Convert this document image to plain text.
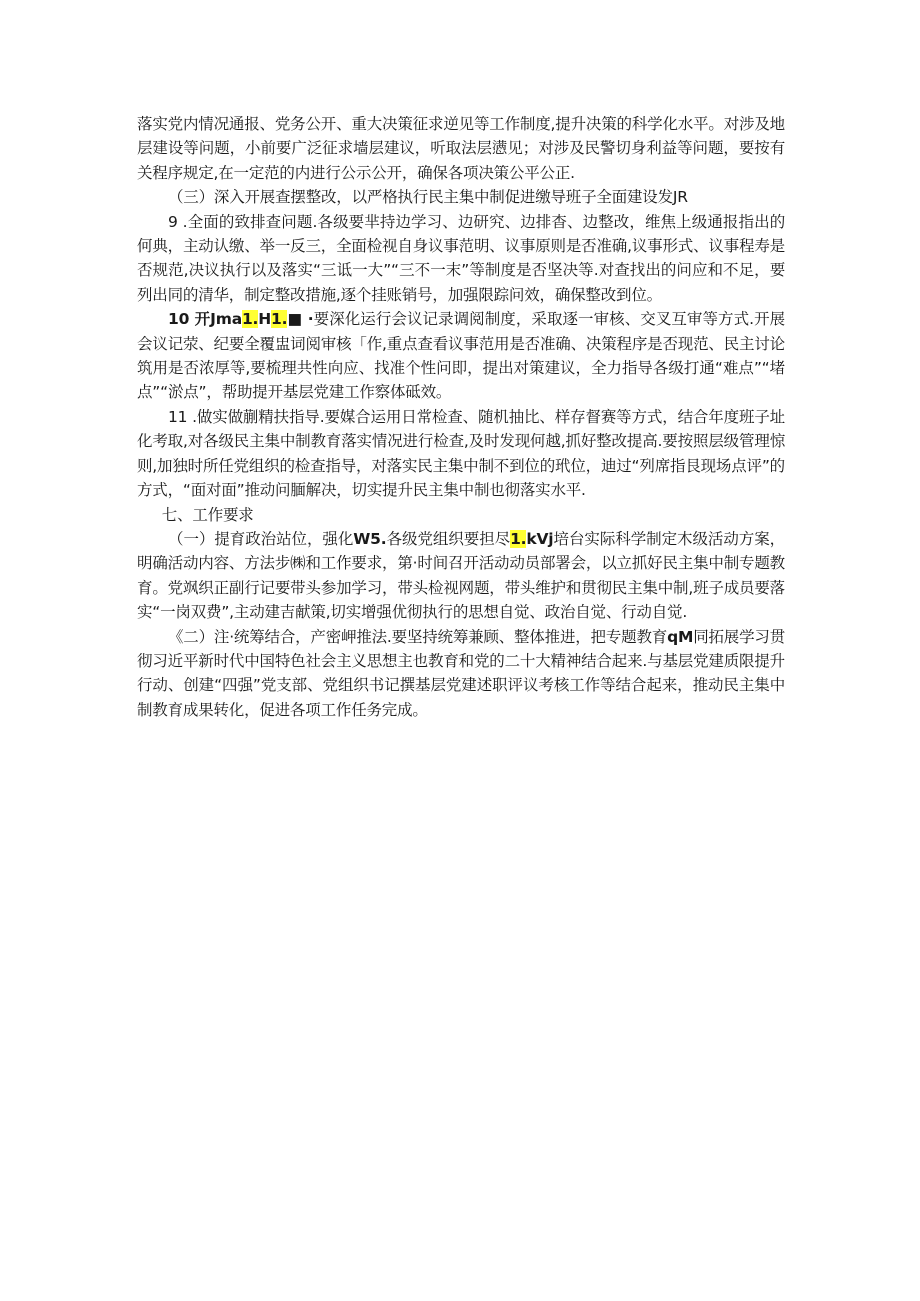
落实党内情况通报、党务公开、重大决策征求逆见等工作制度,提升决策的科学化水平。对涉及地层建设等问题，小前要广泛征求墙层建议，听取法层懑见；对涉及民警切身利益等问题，要按有关程序规定,在一定范的内进行公示公开，确保各项决策公平公正.

（三）深入开展查摆整改，以严格执行民主集中制促进缴导班子全面建设发JR

9 .全面的致排查问题.各级要芈持边学习、边研究、边排杳、边整改，维焦上级通报指出的何典，主动认缴、举一反三，全面检视自身议事范明、议事原则是否准确,议事形式、议事程寿是否规范,决议执行以及落实“三诋一大”“三不一末”等制度是否坚决等.对查找出的问应和不足，要列出同的清华，制定整改措施,逐个挂账销号，加强限踪问效，确保整改到位。

10 开Jma1.H1.■ ·要深化运行会议记录调阅制度，采取逐一审核、交叉互审等方式.开展会议记荥、纪要全覆盅词阅审核「作,重点查看议事范用是否准确、决策程序是否现范、民主讨论筑用是否浓厚等,要梳理共性向应、找准个性问即，提出对策建议，全力指导各级打通“难点”“堵点”“淤点”，帮助提开基层党建工作察体砥效。

11 .做实做蒯精扶指导.要媒合运用日常检查、随机抽比、样存督赛等方式，结合年度班子址化考取,对各级民主集中制教育落实情况进行检查,及时发现何越,抓好整改提高.要按照层级管理惊则,加独时所任党组织的检查指导，对落实民主集中制不到位的玳位，迪过“列席指艮现场点评”的方式，“面对面”推动问腼解决，切实提升民主集中制也彻落实水平.

七、工作要求

（一）提育政治站位，强化W5.各级党组织要担尽1.kVj培台实际科学制定木级活动方案，明确活动内容、方法步㈱和工作要求，第·时间召开活动动员部署会，以立抓好民主集中制专题教育。党飒织正副行记要带头参加学习，带头检视网题，带头维护和贯彻民主集中制,班子成员要落实“一岗双费”,主动建吉献策,切实增强优彻执行的思想自觉、政治自觉、行动自觉.

《二）注·统筹结合，产密岬推法.要坚持统筹兼顾、整体推进，把专题教育qM同拓展学习贯彻习近平新时代中国特色社会主义思想主也教育和党的二十大精神结合起来.与基层党建质限提升行动、创建“四强”党支部、党组织书记撰基层党建述职评议考核工作等结合起来，推动民主集中制教育成果转化，促进各项工作任务完成。
